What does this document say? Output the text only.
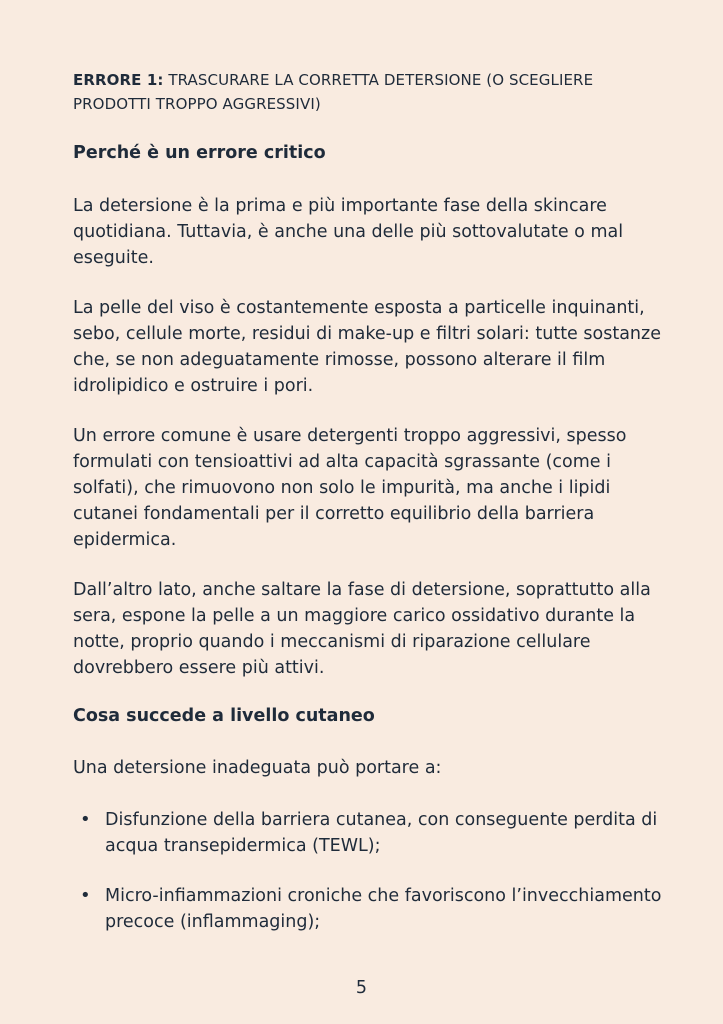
ERRORE 1: TRASCURARE LA CORRETTA DETERSIONE (O SCEGLIERE PRODOTTI TROPPO AGGRESSIVI)

Perché è un errore critico

La detersione è la prima e più importante fase della skincare quotidiana. Tuttavia, è anche una delle più sottovalutate o mal eseguite.

La pelle del viso è costantemente esposta a particelle inquinanti, sebo, cellule morte, residui di make-up e filtri solari: tutte sostanze che, se non adeguatamente rimosse, possono alterare il film idrolipidico e ostruire i pori.

Un errore comune è usare detergenti troppo aggressivi, spesso formulati con tensioattivi ad alta capacità sgrassante (come i solfati), che rimuovono non solo le impurità, ma anche i lipidi cutanei fondamentali per il corretto equilibrio della barriera epidermica.

Dall’altro lato, anche saltare la fase di detersione, soprattutto alla sera, espone la pelle a un maggiore carico ossidativo durante la notte, proprio quando i meccanismi di riparazione cellulare dovrebbero essere più attivi.

Cosa succede a livello cutaneo

Una detersione inadeguata può portare a:

• Disfunzione della barriera cutanea, con conseguente perdita di acqua transepidermica (TEWL);
• Micro-infiammazioni croniche che favoriscono l’invecchiamento precoce (inflammaging);
5
